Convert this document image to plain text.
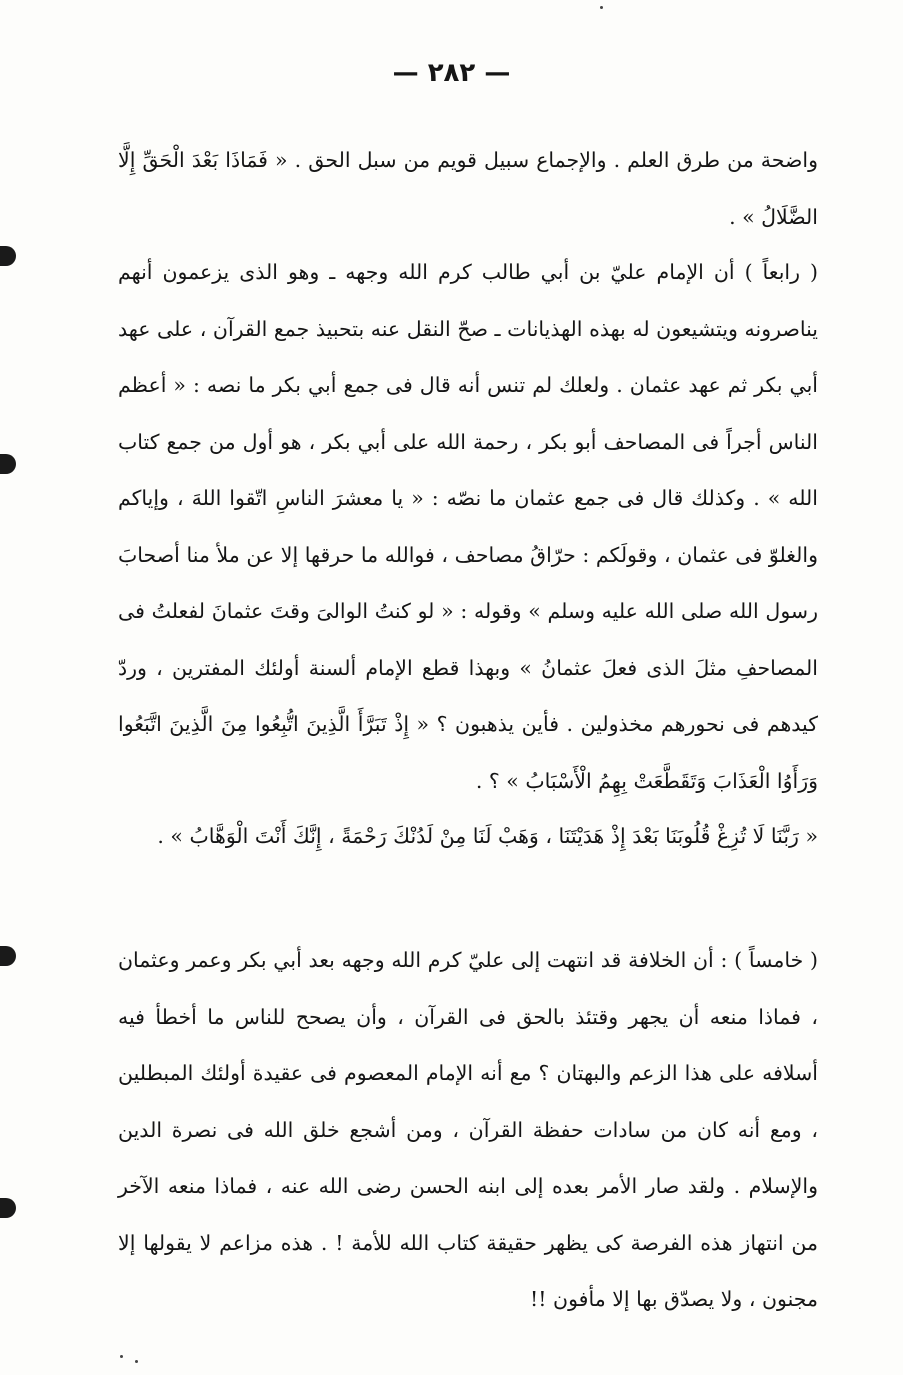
— ٢٨٢ —

واضحة من طرق العلم . والإجماع سبيل قويم من سبل الحق . « فَمَاذَا بَعْدَ الْحَقِّ إِلَّا الضَّلَالُ » .

( رابعاً ) أن الإمام عليّ بن أبي طالب كرم الله وجهه ـ وهو الذى يزعمون أنهم يناصرونه ويتشيعون له بهذه الهذيانات ـ صحّ النقل عنه بتحبيذ جمع القرآن ، على عهد أبي بكر ثم عهد عثمان . ولعلك لم تنس أنه قال فى جمع أبي بكر ما نصه : « أعظم الناس أجراً فى المصاحف أبو بكر ، رحمة الله على أبي بكر ، هو أول من جمع كتاب الله » . وكذلك قال فى جمع عثمان ما نصّه : « يا معشرَ الناسِ اتّقوا اللهَ ، وإياكم والغلوّ فى عثمان ، وقولَكم : حرّاقُ مصاحف ، فوالله ما حرقها إلا عن ملأ منا أصحابَ رسول الله صلى الله عليه وسلم » وقوله : « لو كنتُ الوالىَ وقتَ عثمانَ لفعلتُ فى المصاحفِ مثلَ الذى فعلَ عثمانُ » وبهذا قطع الإمام ألسنة أولئك المفترين ، وردّ كيدهم فى نحورهم مخذولين . فأين يذهبون ؟ « إِذْ تَبَرَّأَ الَّذِينَ اتُّبِعُوا مِنَ الَّذِينَ اتَّبَعُوا وَرَأَوُا الْعَذَابَ وَتَقَطَّعَتْ بِهِمُ الْأَسْبَابُ » ؟ .

« رَبَّنَا لَا تُزِغْ قُلُوبَنَا بَعْدَ إِذْ هَدَيْتَنَا ، وَهَبْ لَنَا مِنْ لَدُنْكَ رَحْمَةً ، إِنَّكَ أَنْتَ الْوَهَّابُ » .

( خامساً ) : أن الخلافة قد انتهت إلى عليّ كرم الله وجهه بعد أبي بكر وعمر وعثمان ، فماذا منعه أن يجهر وقتئذ بالحق فى القرآن ، وأن يصحح للناس ما أخطأ فيه أسلافه على هذا الزعم والبهتان ؟ مع أنه الإمام المعصوم فى عقيدة أولئك المبطلين ، ومع أنه كان من سادات حفظة القرآن ، ومن أشجع خلق الله فى نصرة الدين والإسلام . ولقد صار الأمر بعده إلى ابنه الحسن رضى الله عنه ، فماذا منعه الآخر من انتهاز هذه الفرصة كى يظهر حقيقة كتاب الله للأمة ! . هذه مزاعم لا يقولها إلا مجنون ، ولا يصدّق بها إلا مأفون !!
